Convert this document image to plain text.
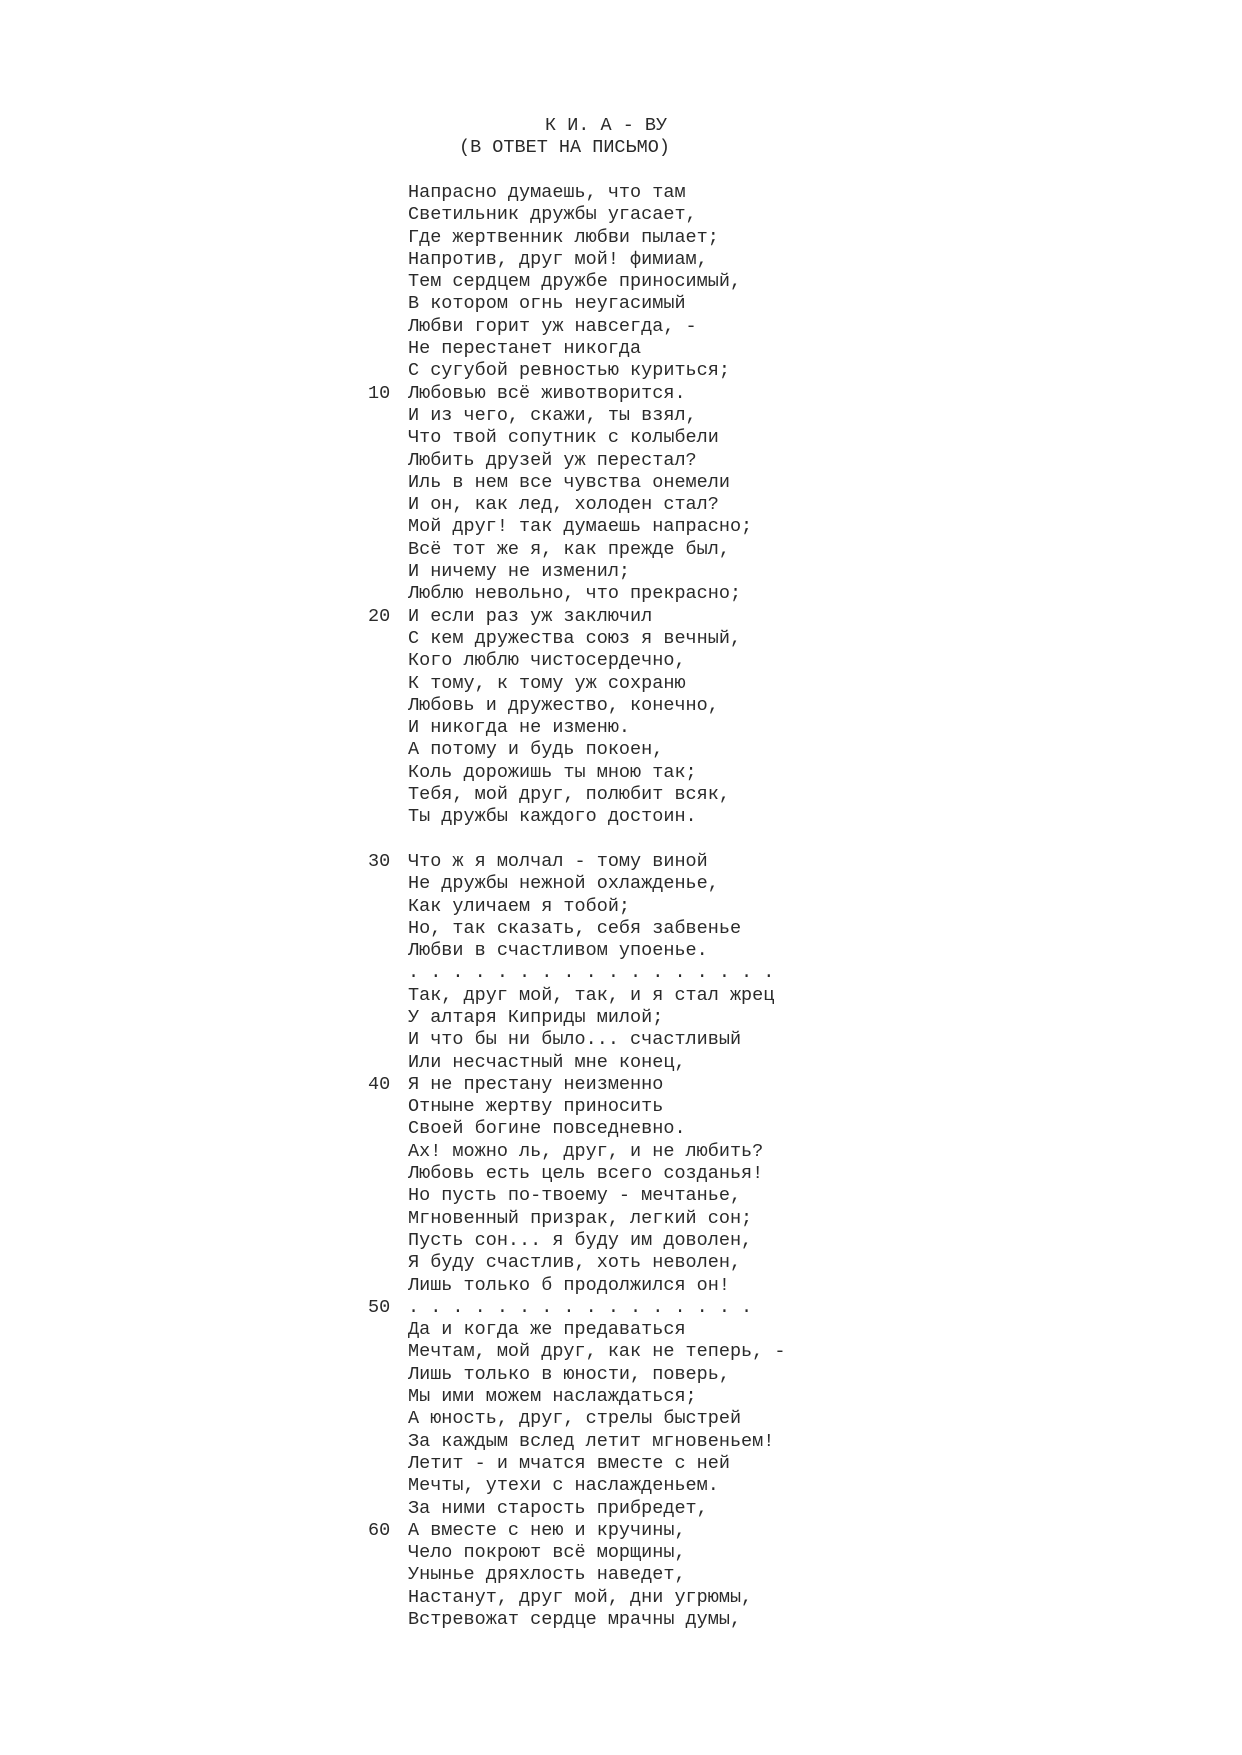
К И. А - ВУ

(В ОТВЕТ НА ПИСЬМО)

Напрасно думаешь, что там
Светильник дружбы угасает,
Где жертвенник любви пылает;
Напротив, друг мой! фимиам,
Тем сердцем дружбе приносимый,
В котором огнь неугасимый
Любви горит уж навсегда, -
Не перестанет никогда
С сугубой ревностью куриться;
10 Любовью всё животворится.
И из чего, скажи, ты взял,
Что твой сопутник с колыбели
Любить друзей уж перестал?
Иль в нем все чувства онемели
И он, как лед, холоден стал?
Мой друг! так думаешь напрасно;
Всё тот же я, как прежде был,
И ничему не изменил;
Люблю невольно, что прекрасно;
20 И если раз уж заключил
С кем дружества союз я вечный,
Кого люблю чистосердечно,
К тому, к тому уж сохраню
Любовь и дружество, конечно,
И никогда не изменю.
А потому и будь покоен,
Коль дорожишь ты мною так;
Тебя, мой друг, полюбит всяк,
Ты дружбы каждого достоин.
30 Что ж я молчал - тому виной
Не дружбы нежной охлажденье,
Как уличаем я тобой;
Но, так сказать, себя забвенье
Любви в счастливом упоенье.
. . . . . . . . . . . . . . . . .
Так, друг мой, так, и я стал жрец
У алтаря Киприды милой;
И что бы ни было... счастливый
Или несчастный мне конец,
40 Я не престану неизменно
Отныне жертву приносить
Своей богине повседневно.
Ах! можно ль, друг, и не любить?
Любовь есть цель всего созданья!
Но пусть по-твоему - мечтанье,
Мгновенный призрак, легкий сон;
Пусть сон... я буду им доволен,
Я буду счастлив, хоть неволен,
Лишь только б продолжился он!
50 . . . . . . . . . . . . . . . .
Да и когда же предаваться
Мечтам, мой друг, как не теперь, -
Лишь только в юности, поверь,
Мы ими можем наслаждаться;
А юность, друг, стрелы быстрей
За каждым вслед летит мгновеньем!
Летит - и мчатся вместе с ней
Мечты, утехи с наслажденьем.
За ними старость прибредет,
60 А вместе с нею и кручины,
Чело покроют всё морщины,
Унынье дряхлость наведет,
Настанут, друг мой, дни угрюмы,
Встревожат сердце мрачны думы,
